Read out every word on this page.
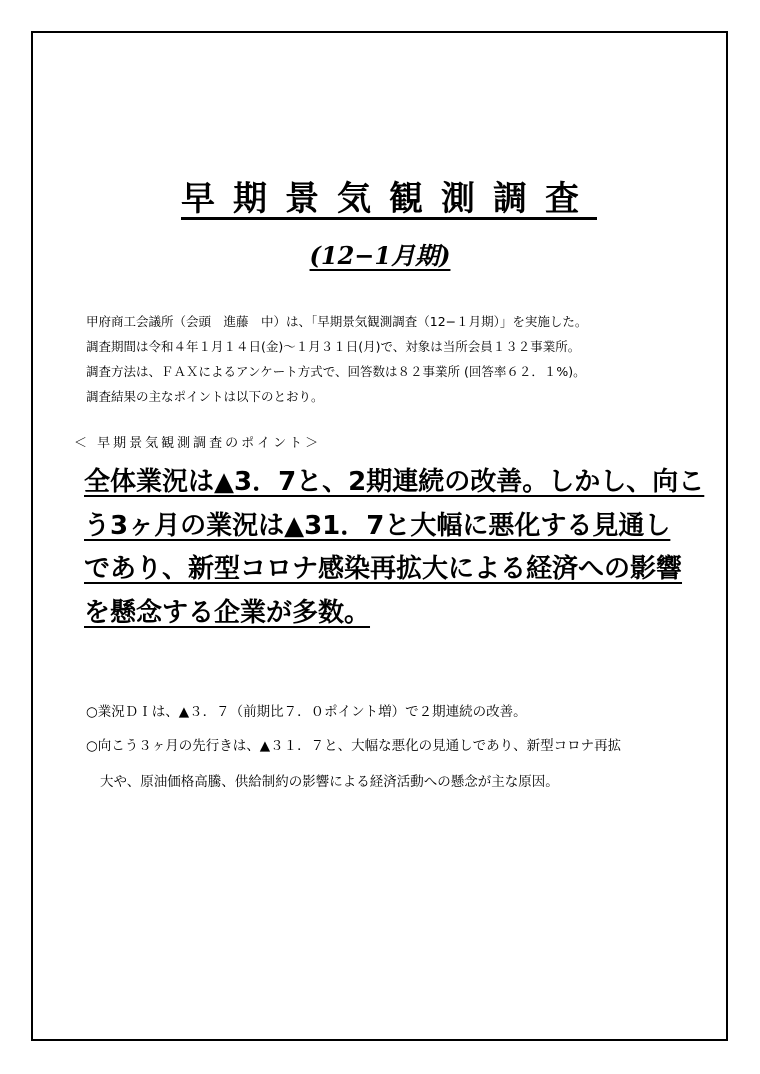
早期景気観測調査
(12−1月期)
甲府商工会議所（会頭　進藤　中）は、「早期景気観測調査（12−１月期）」を実施した。
調査期間は令和４年１月１４日(金)～１月３１日(月)で、対象は当所会員１３２事業所。
調査方法は、ＦＡＸによるアンケート方式で、回答数は８２事業所 (回答率６２．１%)。
調査結果の主なポイントは以下のとおり。
＜ 早期景気観測調査のポイント＞
全体業況は▲3．7と、2期連続の改善。しかし、向こ
う3ヶ月の業況は▲31．7と大幅に悪化する見通し
であり、新型コロナ感染再拡大による経済への影響
を懸念する企業が多数。
○業況ＤＩは、▲３．７（前期比７．０ポイント増）で２期連続の改善。
○向こう３ヶ月の先行きは、▲３１．７と、大幅な悪化の見通しであり、新型コロナ再拡
大や、原油価格高騰、供給制約の影響による経済活動への懸念が主な原因。
